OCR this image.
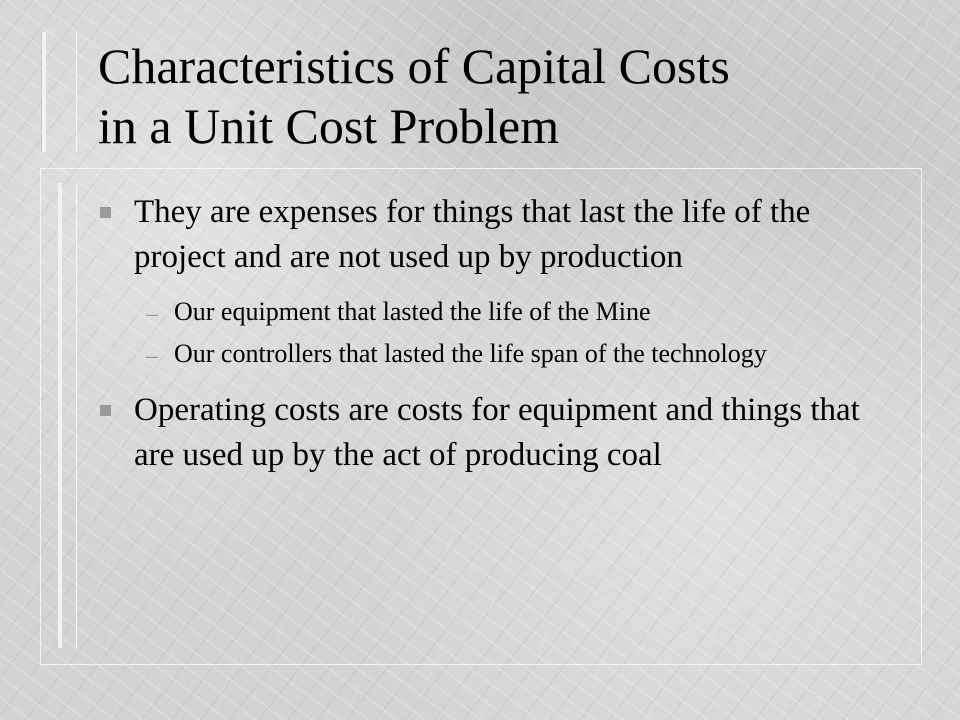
Characteristics of Capital Costs
in a Unit Cost Problem
They are expenses for things that last the life of the project and are not used up by production
– Our equipment that lasted the life of the Mine
– Our controllers that lasted the life span of the technology
Operating costs are costs for equipment and things that are used up by the act of producing coal
